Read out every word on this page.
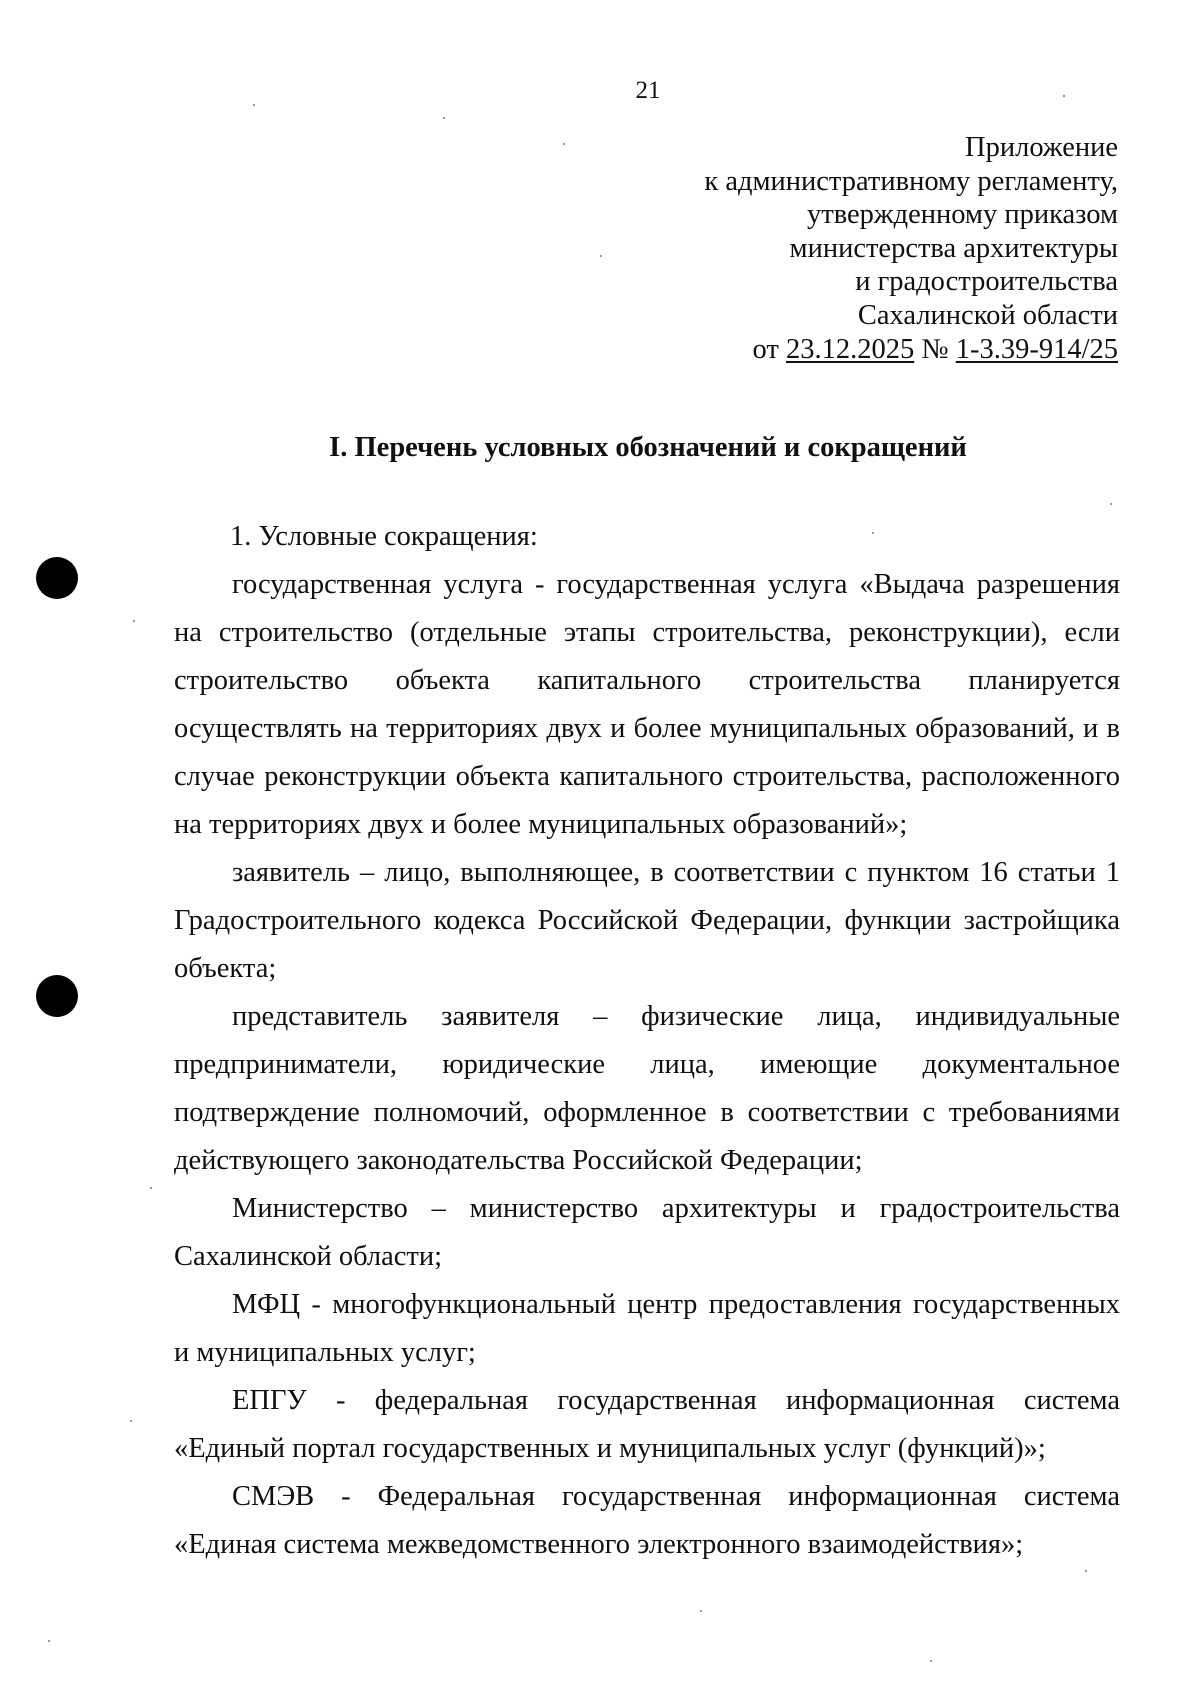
21
Приложение
к административному регламенту,
утвержденному приказом
министерства архитектуры
и градостроительства
Сахалинской области
от 23.12.2025 № 1-3.39-914/25
I. Перечень условных обозначений и сокращений

1. Условные сокращения:

государственная услуга - государственная услуга «Выдача разрешения на строительство (отдельные этапы строительства, реконструкции), если строительство объекта капитального строительства планируется осуществлять на территориях двух и более муниципальных образований, и в случае реконструкции объекта капитального строительства, расположенного на территориях двух и более муниципальных образований»;

заявитель – лицо, выполняющее, в соответствии с пунктом 16 статьи 1 Градостроительного кодекса Российской Федерации, функции застройщика объекта;

представитель заявителя – физические лица, индивидуальные предприниматели, юридические лица, имеющие документальное подтверждение полномочий, оформленное в соответствии с требованиями действующего законодательства Российской Федерации;

Министерство – министерство архитектуры и градостроительства Сахалинской области;

МФЦ - многофункциональный центр предоставления государственных и муниципальных услуг;

ЕПГУ - федеральная государственная информационная система «Единый портал государственных и муниципальных услуг (функций)»;

СМЭВ - Федеральная государственная информационная система «Единая система межведомственного электронного взаимодействия»;
